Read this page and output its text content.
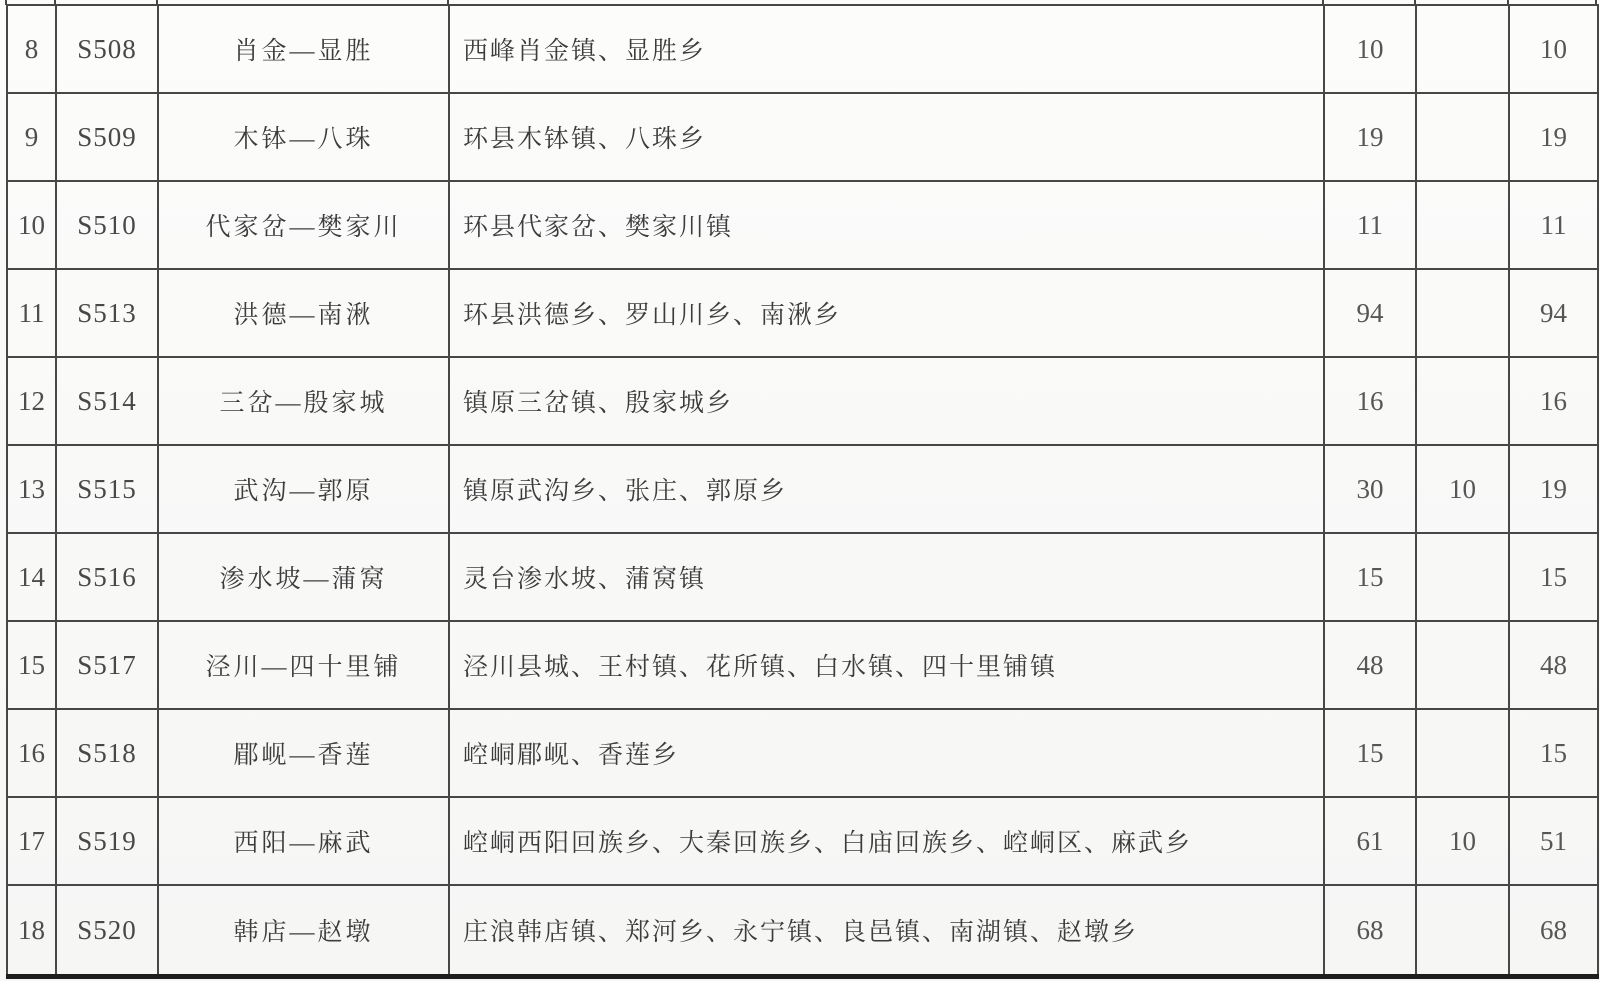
8	S508	肖金—显胜	西峰肖金镇、显胜乡	10		10
9	S509	木钵—八珠	环县木钵镇、八珠乡	19		19
10	S510	代家岔—樊家川	环县代家岔、樊家川镇	11		11
11	S513	洪德—南湫	环县洪德乡、罗山川乡、南湫乡	94		94
12	S514	三岔—殷家城	镇原三岔镇、殷家城乡	16		16
13	S515	武沟—郭原	镇原武沟乡、张庄、郭原乡	30	10	19
14	S516	渗水坡—蒲窝	灵台渗水坡、蒲窝镇	15		15
15	S517	泾川—四十里铺	泾川县城、王村镇、花所镇、白水镇、四十里铺镇	48		48
16	S518	郿岘—香莲	崆峒郿岘、香莲乡	15		15
17	S519	西阳—麻武	崆峒西阳回族乡、大秦回族乡、白庙回族乡、崆峒区、麻武乡	61	10	51
18	S520	韩店—赵墩	庄浪韩店镇、郑河乡、永宁镇、良邑镇、南湖镇、赵墩乡	68		68
